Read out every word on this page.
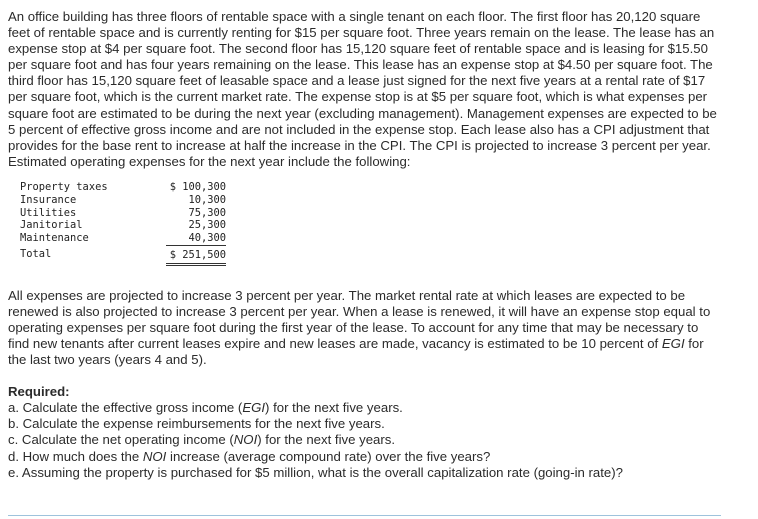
An office building has three floors of rentable space with a single tenant on each floor. The first floor has 20,120 square feet of rentable space and is currently renting for $15 per square foot. Three years remain on the lease. The lease has an expense stop at $4 per square foot. The second floor has 15,120 square feet of rentable space and is leasing for $15.50 per square foot and has four years remaining on the lease. This lease has an expense stop at $4.50 per square foot. The third floor has 15,120 square feet of leasable space and a lease just signed for the next five years at a rental rate of $17 per square foot, which is the current market rate. The expense stop is at $5 per square foot, which is what expenses per square foot are estimated to be during the next year (excluding management). Management expenses are expected to be 5 percent of effective gross income and are not included in the expense stop. Each lease also has a CPI adjustment that provides for the base rent to increase at half the increase in the CPI. The CPI is projected to increase 3 percent per year. Estimated operating expenses for the next year include the following:

Property taxes	$ 100,300
Insurance	10,300
Utilities	75,300
Janitorial	25,300
Maintenance	40,300
Total	$ 251,500

All expenses are projected to increase 3 percent per year. The market rental rate at which leases are expected to be renewed is also projected to increase 3 percent per year. When a lease is renewed, it will have an expense stop equal to operating expenses per square foot during the first year of the lease. To account for any time that may be necessary to find new tenants after current leases expire and new leases are made, vacancy is estimated to be 10 percent of EGI for the last two years (years 4 and 5).

Required:

a. Calculate the effective gross income (EGI) for the next five years.
b. Calculate the expense reimbursements for the next five years.
c. Calculate the net operating income (NOI) for the next five years.
d. How much does the NOI increase (average compound rate) over the five years?
e. Assuming the property is purchased for $5 million, what is the overall capitalization rate (going-in rate)?
